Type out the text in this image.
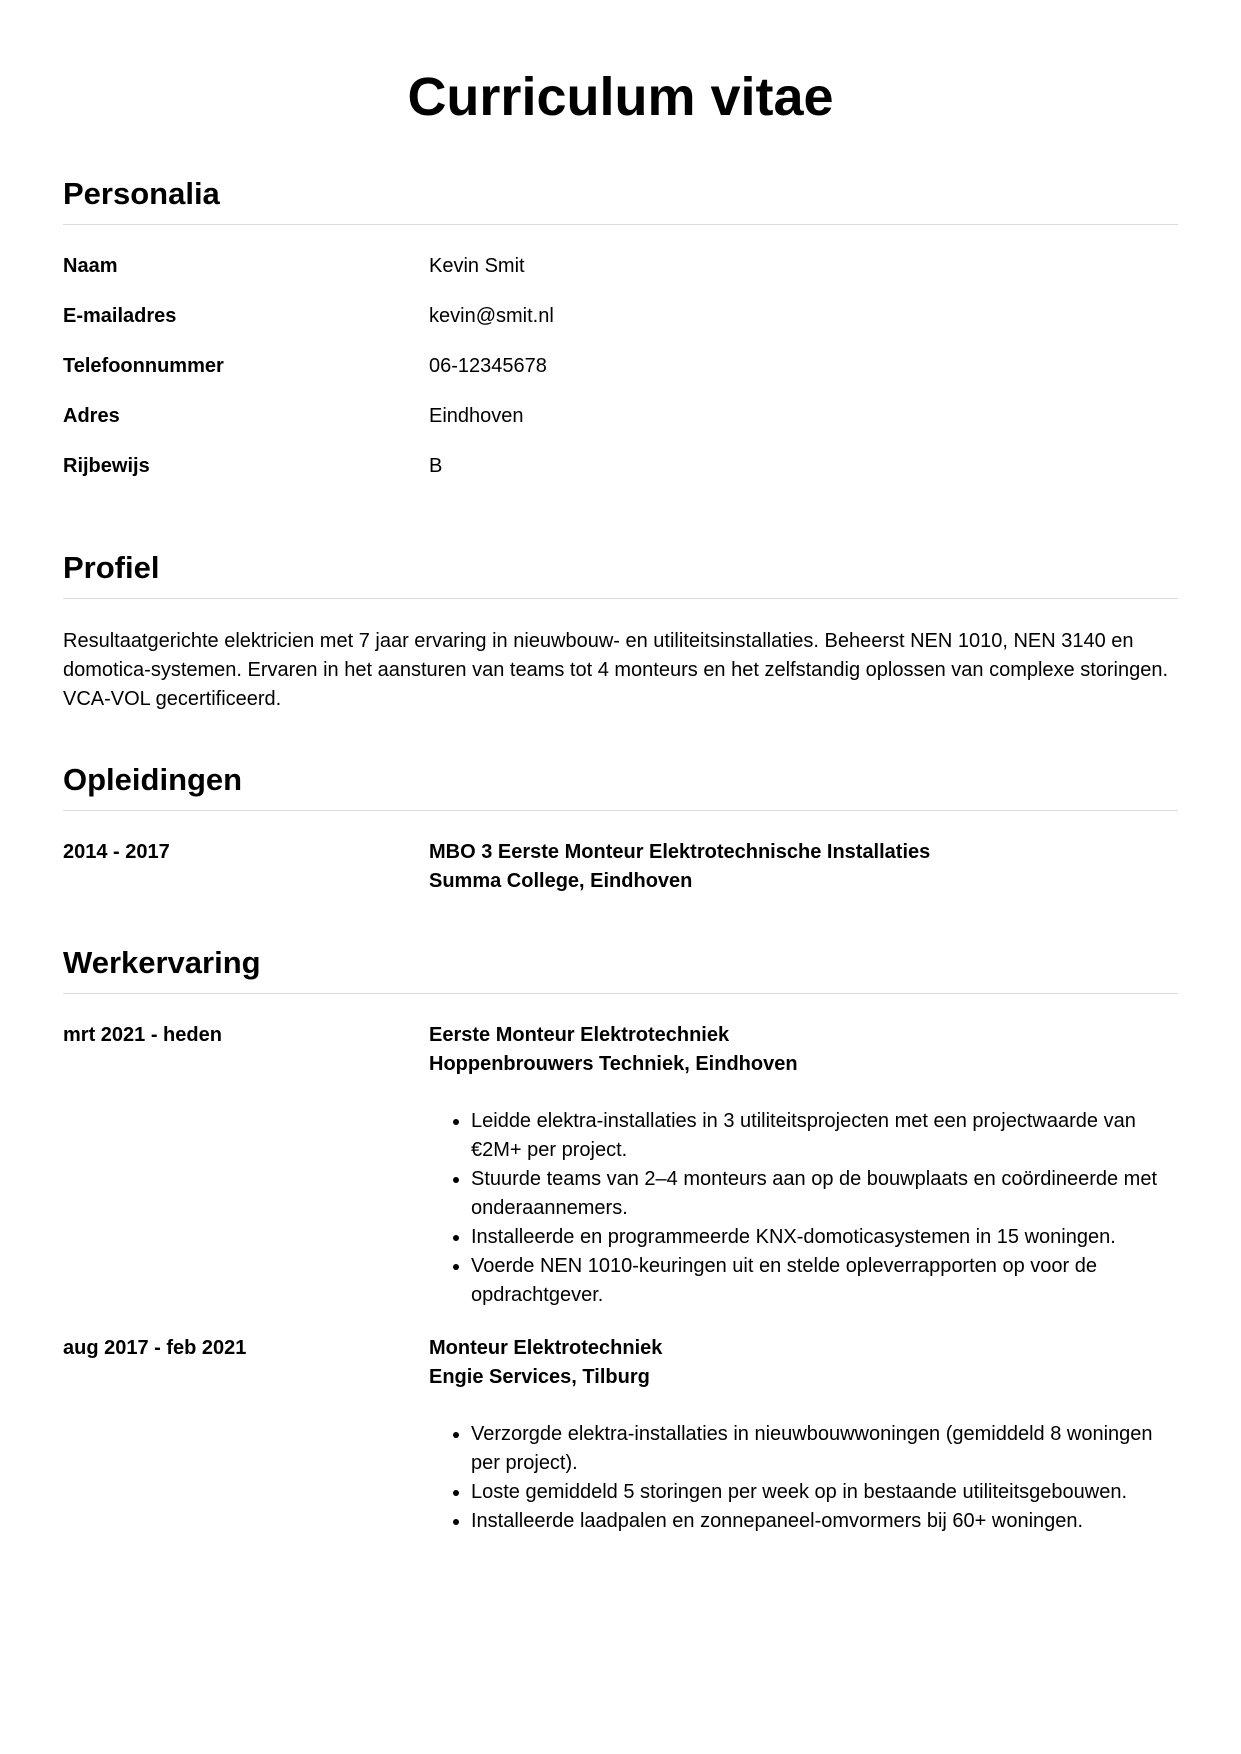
Curriculum vitae
Personalia
Naam	Kevin Smit
E-mailadres	kevin@smit.nl
Telefoonnummer	06-12345678
Adres	Eindhoven
Rijbewijs	B
Profiel

Resultaatgerichte elektricien met 7 jaar ervaring in nieuwbouw- en utiliteitsinstallaties. Beheerst NEN 1010, NEN 3140 en domotica-systemen. Ervaren in het aansturen van teams tot 4 monteurs en het zelfstandig oplossen van complexe storingen. VCA-VOL gecertificeerd.

Opleidingen
2014 - 2017	MBO 3 Eerste Monteur Elektrotechnische Installaties
Summa College, Eindhoven
Werkervaring
mrt 2021 - heden	Eerste Monteur Elektrotechniek
Hoppenbrouwers Techniek, Eindhoven
• Leidde elektra-installaties in 3 utiliteitsprojecten met een projectwaarde van €2M+ per project.
• Stuurde teams van 2–4 monteurs aan op de bouwplaats en coördineerde met onderaannemers.
• Installeerde en programmeerde KNX-domoticasystemen in 15 woningen.
• Voerde NEN 1010-keuringen uit en stelde opleverrapporten op voor de opdrachtgever.
aug 2017 - feb 2021	Monteur Elektrotechniek
Engie Services, Tilburg
• Verzorgde elektra-installaties in nieuwbouwwoningen (gemiddeld 8 woningen per project).
• Loste gemiddeld 5 storingen per week op in bestaande utiliteitsgebouwen.
• Installeerde laadpalen en zonnepaneel-omvormers bij 60+ woningen.
